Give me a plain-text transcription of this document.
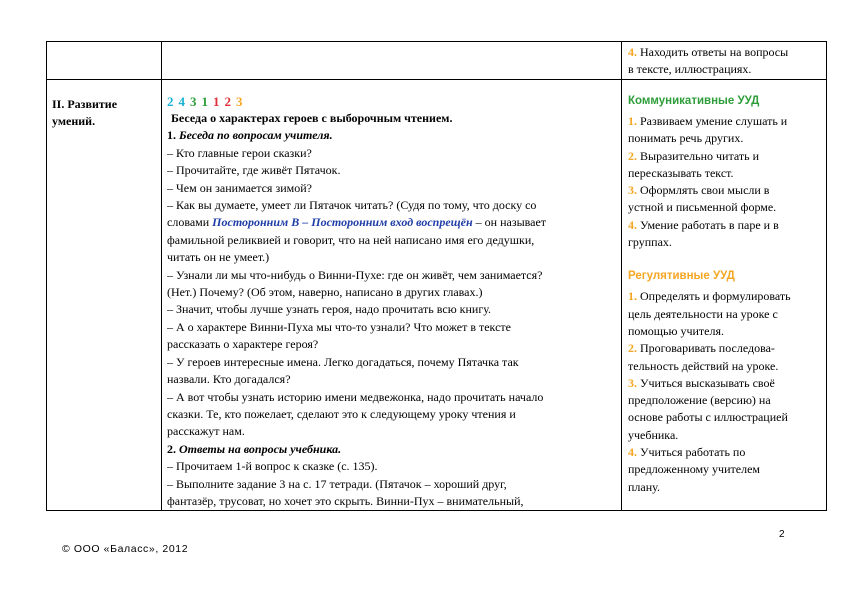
4. Находить ответы на вопросы
в тексте, иллюстрациях.
II. Развитие
умений.
2 4 3 1 1 2 3
Беседа о характерах героев с выборочным чтением.
1. Беседа по вопросам учителя.
– Кто главные герои сказки?
– Прочитайте, где живёт Пятачок.
– Чем он занимается зимой?
– Как вы думаете, умеет ли Пятачок читать? (Судя по тому, что доску со
словами Посторонним В – Посторонним вход воспрещён – он называет
фамильной реликвией и говорит, что на ней написано имя его дедушки,
читать он не умеет.)
– Узнали ли мы что-нибудь о Винни-Пухе: где он живёт, чем занимается?
(Нет.) Почему? (Об этом, наверно, написано в других главах.)
– Значит, чтобы лучше узнать героя, надо прочитать всю книгу.
– А о характере Винни-Пуха мы что-то узнали? Что может в тексте
рассказать о характере героя?
– У героев интересные имена. Легко догадаться, почему Пятачка так
назвали. Кто догадался?
– А вот чтобы узнать историю имени медвежонка, надо прочитать начало
сказки. Те, кто пожелает, сделают это к следующему уроку чтения и
расскажут нам.
2. Ответы на вопросы учебника.
– Прочитаем 1-й вопрос к сказке (с. 135).
– Выполните задание 3 на с. 17 тетради. (Пятачок – хороший друг,
фантазёр, трусоват, но хочет это скрыть. Винни-Пух – внимательный,
Коммуникативные УУД
1. Развиваем умение слушать и
понимать речь других.
2. Выразительно читать и
пересказывать текст.
3. Оформлять свои мысли в
устной и письменной форме.
4. Умение работать в паре и в
группах.
Регулятивные УУД
1. Определять и формулировать
цель деятельности на уроке с
помощью учителя.
2. Проговаривать последова-
тельность действий на уроке.
3. Учиться высказывать своё
предположение (версию) на
основе работы с иллюстрацией
учебника.
4. Учиться работать по
предложенному учителем
плану.
2
© ООО «Баласс», 2012
